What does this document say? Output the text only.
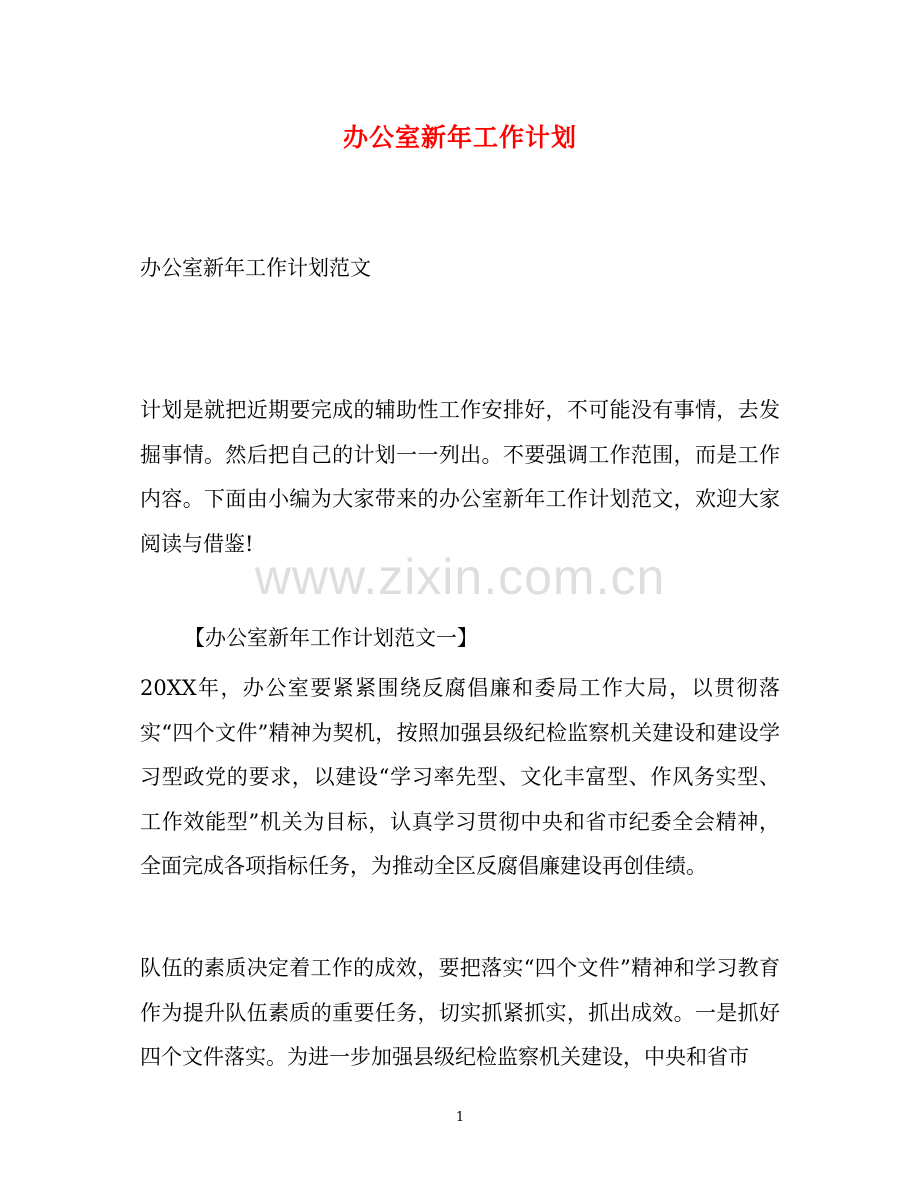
办公室新年工作计划
办公室新年工作计划范文
计划是就把近期要完成的辅助性工作安排好，不可能没有事情，去发掘事情。然后把自己的计划一一列出。不要强调工作范围，而是工作内容。下面由小编为大家带来的办公室新年工作计划范文，欢迎大家阅读与借鉴!
www.zixin.com.cn
【办公室新年工作计划范文一】
20XX年，办公室要紧紧围绕反腐倡廉和委局工作大局，以贯彻落实“四个文件”精神为契机，按照加强县级纪检监察机关建设和建设学习型政党的要求，以建设“学习率先型、文化丰富型、作风务实型、工作效能型”机关为目标，认真学习贯彻中央和省市纪委全会精神，全面完成各项指标任务，为推动全区反腐倡廉建设再创佳绩。
队伍的素质决定着工作的成效，要把落实“四个文件”精神和学习教育作为提升队伍素质的重要任务，切实抓紧抓实，抓出成效。一是抓好四个文件落实。为进一步加强县级纪检监察机关建设，中央和省市
1
